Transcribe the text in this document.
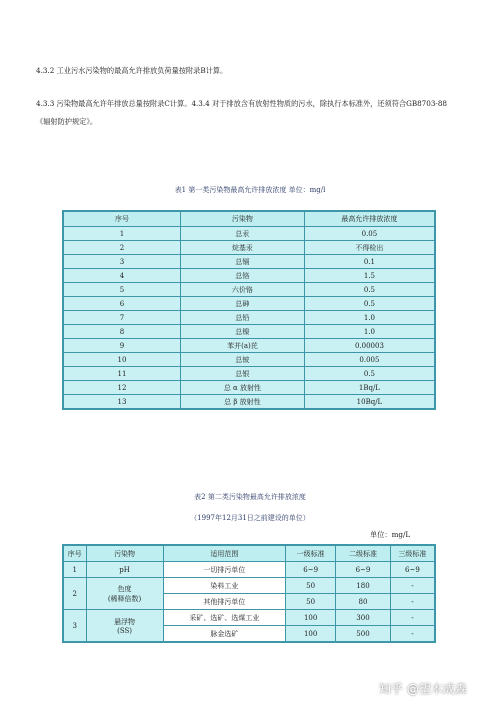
4.3.2 工业污水污染物的最高允许排放负荷量按附录B计算。
4.3.3 污染物最高允许年排放总量按附录C计算。4.3.4 对于排放含有放射性物质的污水，除执行本标准外，还须符合GB8703-88
《辐射防护规定》。
表1 第一类污染物最高允许排放浓度 单位：mg/l
序号	污染物	最高允许排放浓度
1	总汞	0.05
2	烷基汞	不得检出
3	总镉	0.1
4	总铬	1.5
5	六价铬	0.5
6	总砷	0.5
7	总铅	1.0
8	总镍	1.0
9	苯并(a)芘	0.00003
10	总铍	0.005
11	总银	0.5
12	总 α 放射性	1Bq/L
13	总 β 放射性	10Bq/L
表2 第二类污染物最高允许排放浓度
（1997年12月31日之前建设的单位）
单位：mg/L
序号	污染物	适用范围	一级标准	二级标准	三级标准
1	pH	一切排污单位	6~9	6~9	6~9
2	色度
(稀释倍数)	染料工业	50	180	-
		其他排污单位	50	80	-
3	悬浮物
(SS)	采矿、选矿、选煤工业	100	300	-
		脉金选矿	100	500	-
知乎 @望木成森
